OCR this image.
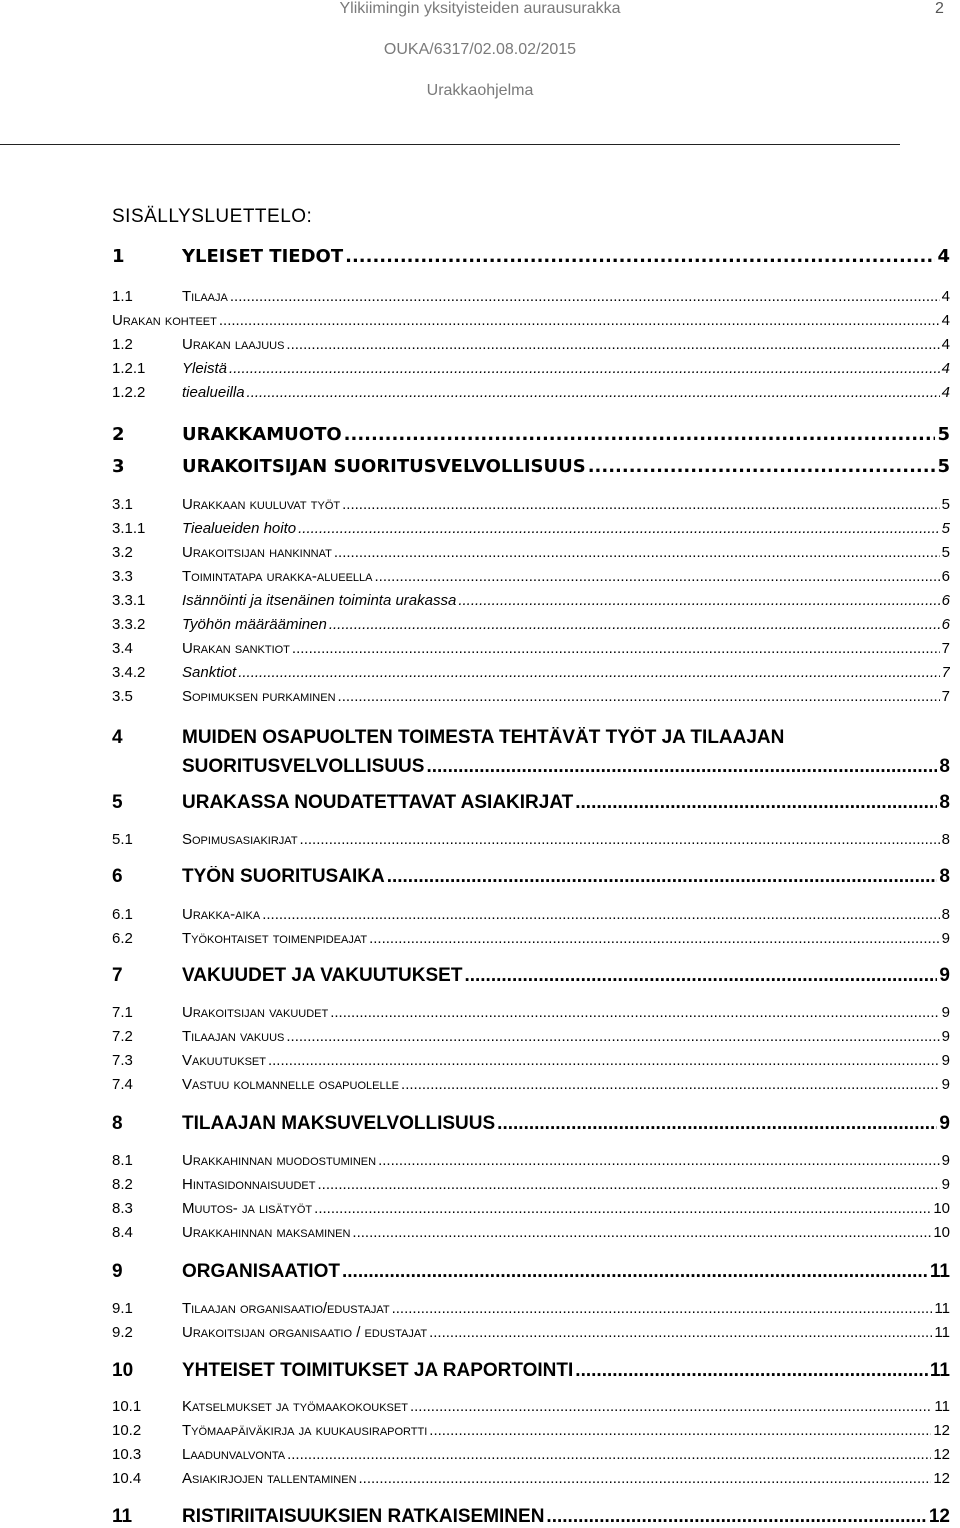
Ylikiimingin yksityisteiden aurausurakka	2
OUKA/6317/02.08.02/2015
Urakkaohjelma
SISÄLLYSLUETTELO:
1	YLEISET TIEDOT .....	4
1.1	Tilaaja .....	4
Urakan kohteet .....	4
1.2	Urakan laajuus .....	4
1.2.1	Yleistä .....	4
1.2.2	tiealueilla .....	4
2	URAKKAMUOTO .....	5
3	URAKOITSIJAN SUORITUSVELVOLLISUUS .....	5
3.1	Urakkaan kuuluvat työt .....	5
3.1.1	Tiealueiden hoito .....	5
3.2	Urakoitsijan hankinnat .....	5
3.3	Toimintatapa urakka-alueella .....	6
3.3.1	Isännöinti ja itsenäinen toiminta urakassa .....	6
3.3.2	Työhön määrääminen .....	6
3.4	Urakan sanktiot .....	7
3.4.2	Sanktiot .....	7
3.5	Sopimuksen purkaminen .....	7
4	MUIDEN OSAPUOLTEN TOIMESTA TEHTÄVÄT TYÖT JA TILAAJAN
SUORITUSVELVOLLISUUS .....	8
5	URAKASSA NOUDATETTAVAT ASIAKIRJAT .....	8
5.1	Sopimusasiakirjat .....	8
6	TYÖN SUORITUSAIKA .....	8
6.1	Urakka-aika .....	8
6.2	Työkohtaiset toimenpideajat .....	9
7	VAKUUDET JA VAKUUTUKSET .....	9
7.1	Urakoitsijan vakuudet .....	9
7.2	Tilaajan vakuus .....	9
7.3	Vakuutukset .....	9
7.4	Vastuu kolmannelle osapuolelle .....	9
8	TILAAJAN MAKSUVELVOLLISUUS .....	9
8.1	Urakkahinnan muodostuminen .....	9
8.2	Hintasidonnaisuudet .....	9
8.3	Muutos- ja lisätyöt .....	10
8.4	Urakkahinnan maksaminen .....	10
9	ORGANISAATIOT .....	11
9.1	Tilaajan organisaatio/edustajat .....	11
9.2	Urakoitsijan organisaatio / edustajat .....	11
10	YHTEISET TOIMITUKSET JA RAPORTOINTI .....	11
10.1	Katselmukset ja työmaakokoukset .....	11
10.2	Työmaapäiväkirja ja kuukausiraportti .....	12
10.3	Laadunvalvonta .....	12
10.4	Asiakirjojen tallentaminen .....	12
11	RISTIRIITAISUUKSIEN RATKAISEMINEN .....	12
